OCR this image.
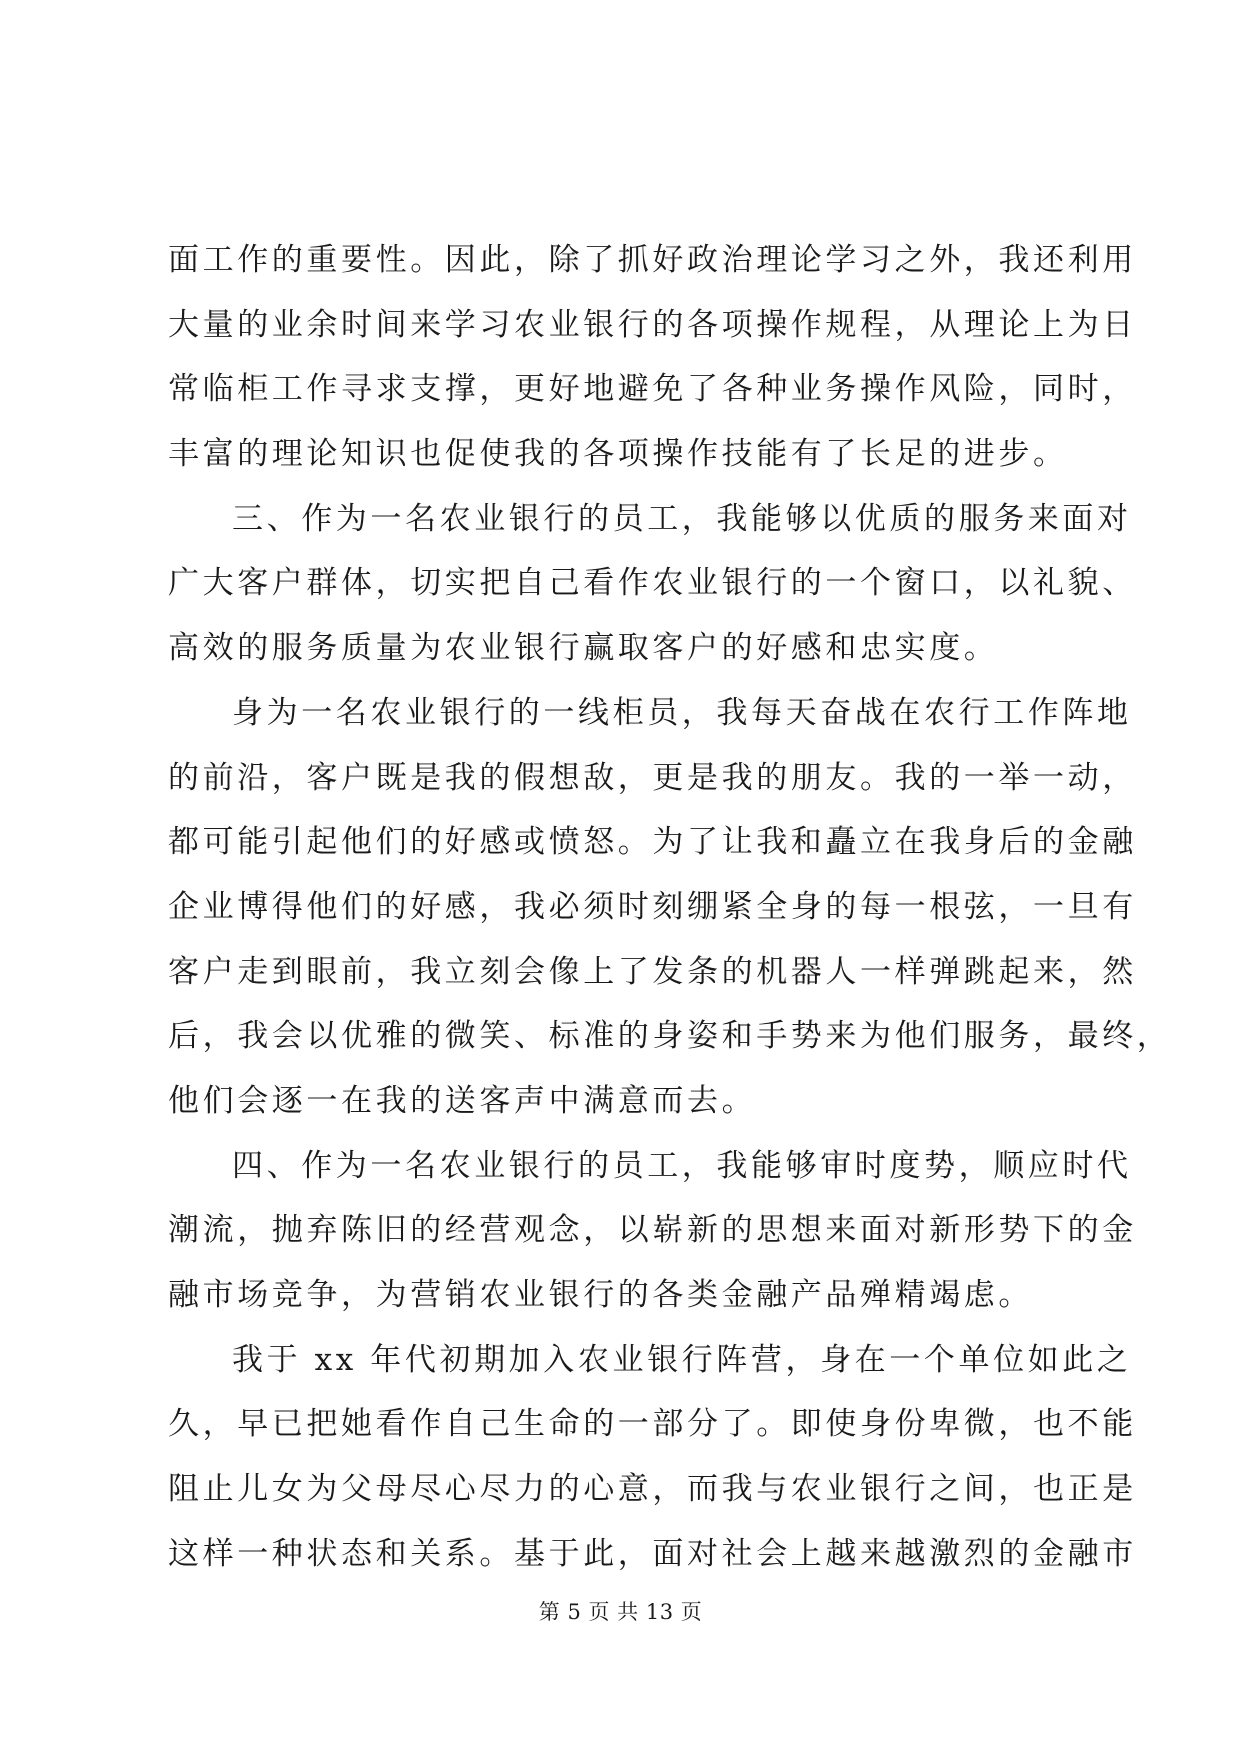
面工作的重要性。因此，除了抓好政治理论学习之外，我还利用
大量的业余时间来学习农业银行的各项操作规程，从理论上为日
常临柜工作寻求支撑，更好地避免了各种业务操作风险，同时，
丰富的理论知识也促使我的各项操作技能有了长足的进步。
三、作为一名农业银行的员工，我能够以优质的服务来面对
广大客户群体，切实把自己看作农业银行的一个窗口，以礼貌、
高效的服务质量为农业银行赢取客户的好感和忠实度。
身为一名农业银行的一线柜员，我每天奋战在农行工作阵地
的前沿，客户既是我的假想敌，更是我的朋友。我的一举一动，
都可能引起他们的好感或愤怒。为了让我和矗立在我身后的金融
企业博得他们的好感，我必须时刻绷紧全身的每一根弦，一旦有
客户走到眼前，我立刻会像上了发条的机器人一样弹跳起来，然
后，我会以优雅的微笑、标准的身姿和手势来为他们服务，最终，
他们会逐一在我的送客声中满意而去。
四、作为一名农业银行的员工，我能够审时度势，顺应时代
潮流，抛弃陈旧的经营观念，以崭新的思想来面对新形势下的金
融市场竞争，为营销农业银行的各类金融产品殚精竭虑。
我于 xx 年代初期加入农业银行阵营，身在一个单位如此之
久，早已把她看作自己生命的一部分了。即使身份卑微，也不能
阻止儿女为父母尽心尽力的心意，而我与农业银行之间，也正是
这样一种状态和关系。基于此，面对社会上越来越激烈的金融市
第 5 页 共 13 页
